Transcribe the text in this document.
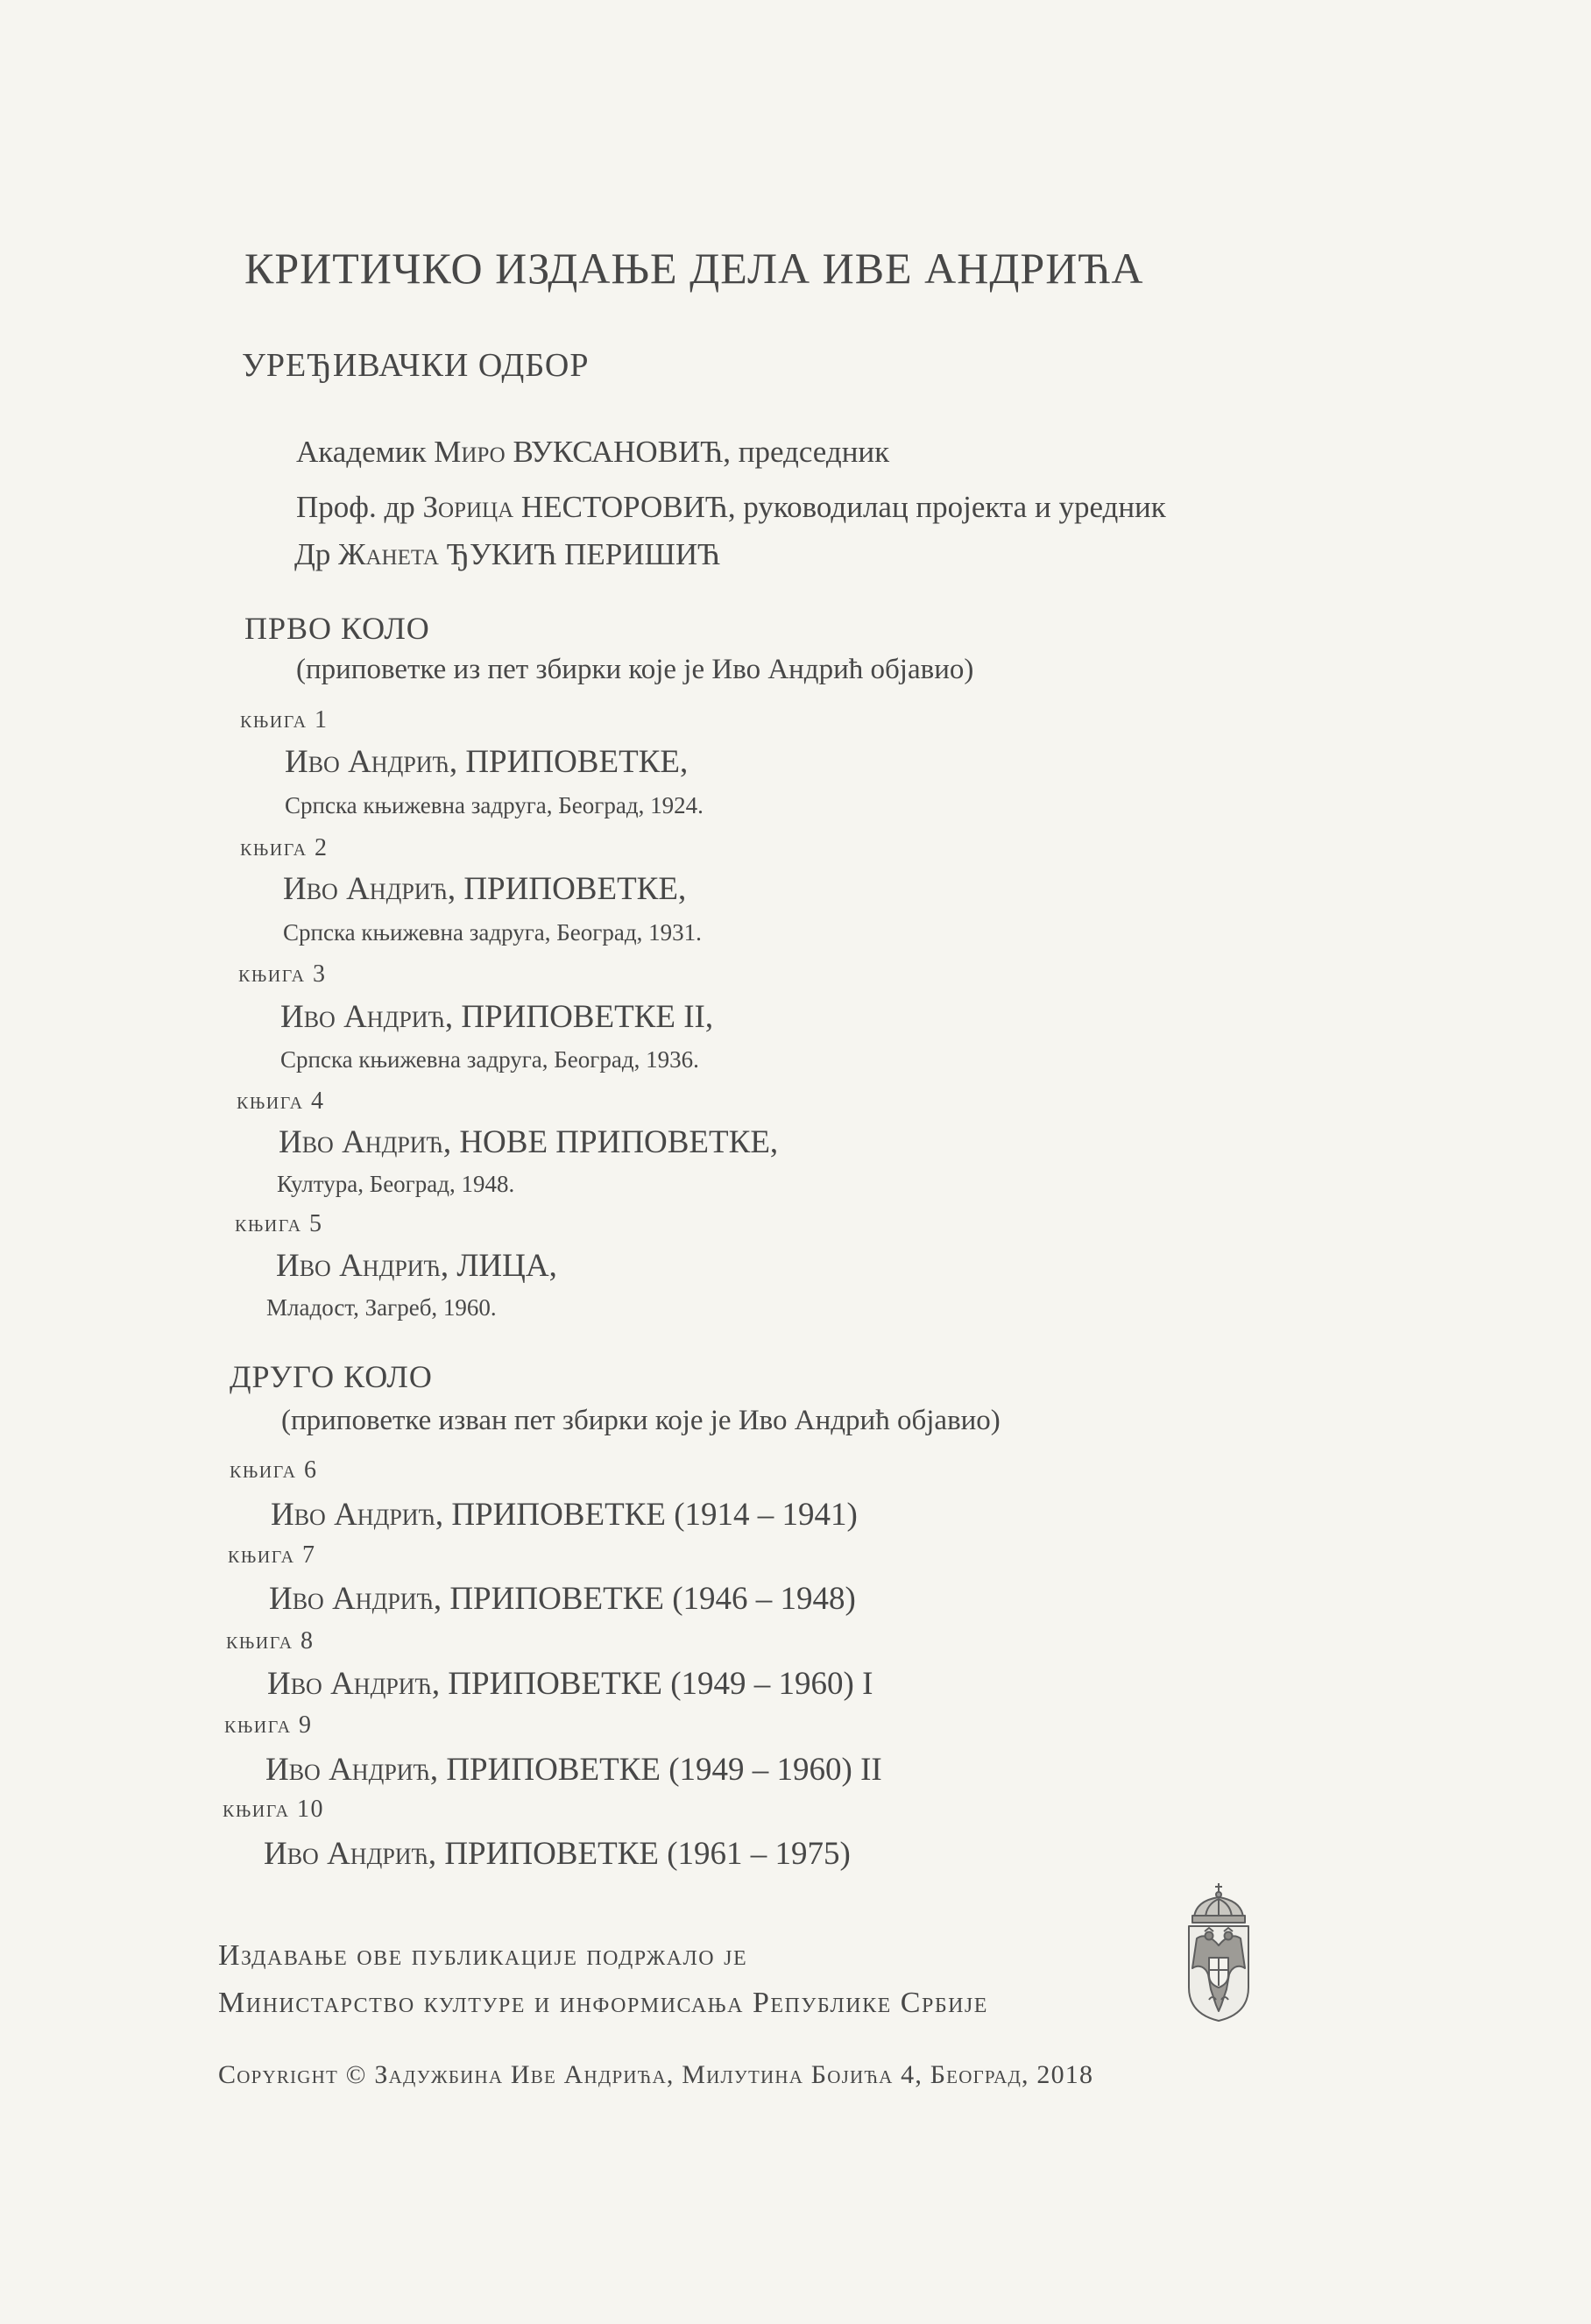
КРИТИЧКО ИЗДАЊЕ ДЕЛА ИВЕ АНДРИЋА
УРЕЂИВАЧКИ ОДБОР
Академик Миро ВУКСАНОВИЋ, председник
Проф. др Зорица НЕСТОРОВИЋ, руководилац пројекта и уредник
Др Жанета ЂУКИЋ ПЕРИШИЋ
ПРВО КОЛО
(приповетке из пет збирки које је Иво Андрић објавио)
књига 1
Иво Андрић, ПРИПОВЕТКЕ,
Српска књижевна задруга, Београд, 1924.
књига 2
Иво Андрић, ПРИПОВЕТКЕ,
Српска књижевна задруга, Београд, 1931.
књига 3
Иво Андрић, ПРИПОВЕТКЕ II,
Српска књижевна задруга, Београд, 1936.
књига 4
Иво Андрић, НОВЕ ПРИПОВЕТКЕ,
Култура, Београд, 1948.
књига 5
Иво Андрић, ЛИЦА,
Младост, Загреб, 1960.
ДРУГО КОЛО
(приповетке изван пет збирки које је Иво Андрић објавио)
књига 6
Иво Андрић, ПРИПОВЕТКЕ (1914 – 1941)
књига 7
Иво Андрић, ПРИПОВЕТКЕ (1946 – 1948)
књига 8
Иво Андрић, ПРИПОВЕТКЕ (1949 – 1960) I
књига 9
Иво Андрић, ПРИПОВЕТКЕ (1949 – 1960) II
књига 10
Иво Андрић, ПРИПОВЕТКЕ (1961 – 1975)
Издавање ове публикације подржало је
Министарство културе и информисања Републике Србије
Copyright © Задужбина Иве Андрића, Милутина Бојића 4, Београд, 2018
